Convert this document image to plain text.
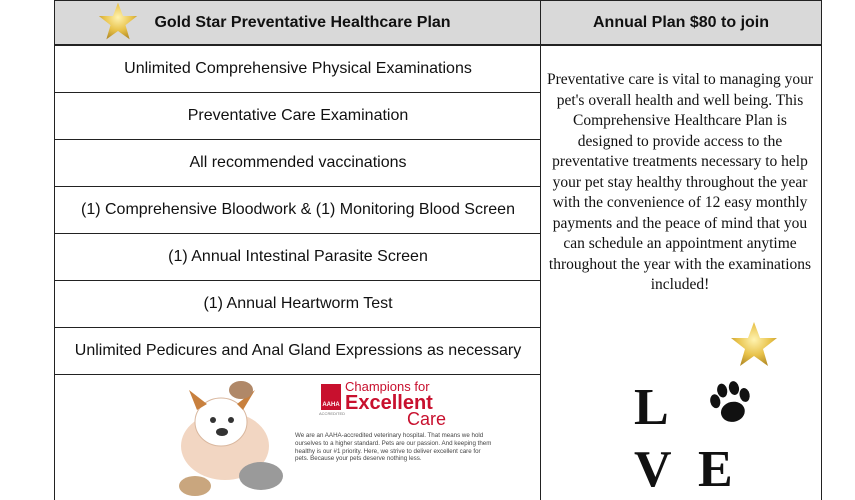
Gold Star Preventative Healthcare Plan	Annual Plan $80 to join
Unlimited Comprehensive Physical Examinations
Preventative Care Examination
All recommended vaccinations
(1) Comprehensive Bloodwork & (1) Monitoring Blood Screen
(1) Annual Intestinal Parasite Screen
(1) Annual Heartworm Test
Unlimited Pedicures and Anal Gland Expressions as necessary
AAHA
ACCREDITED
Champions for
Excellent
Care
We are an AAHA-accredited veterinary hospital. That means we hold ourselves to a higher standard. Pets are our passion. And keeping them healthy is our #1 priority. Here, we strive to deliver excellent care for pets. Because your pets deserve nothing less.
Preventative care is vital to managing your pet's overall health and well being. This Comprehensive Healthcare Plan is designed to provide access to the preventative treatments necessary to help your pet stay healthy throughout the year with the convenience of 12 easy monthly payments and the peace of mind that you can schedule an appointment anytime throughout the year with the examinations included!
L
V E
